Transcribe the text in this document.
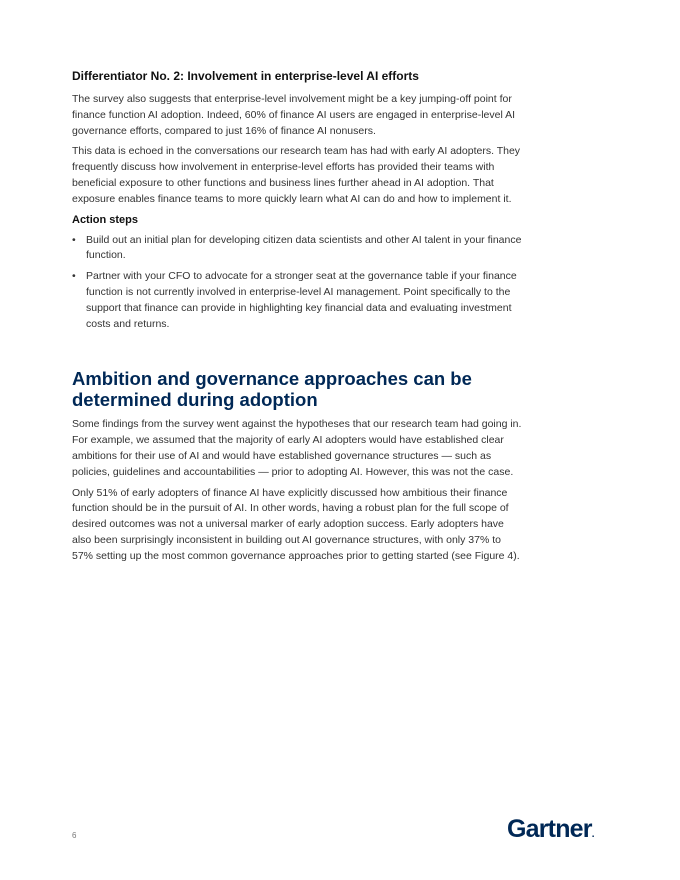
Differentiator No. 2: Involvement in enterprise-level AI efforts

The survey also suggests that enterprise-level involvement might be a key jumping-off point for finance function AI adoption. Indeed, 60% of finance AI users are engaged in enterprise-level AI governance efforts, compared to just 16% of finance AI nonusers.

This data is echoed in the conversations our research team has had with early AI adopters. They frequently discuss how involvement in enterprise-level efforts has provided their teams with beneficial exposure to other functions and business lines further ahead in AI adoption. That exposure enables finance teams to more quickly learn what AI can do and how to implement it.

Action steps
• Build out an initial plan for developing citizen data scientists and other AI talent in your finance function.
• Partner with your CFO to advocate for a stronger seat at the governance table if your finance function is not currently involved in enterprise-level AI management. Point specifically to the support that finance can provide in highlighting key financial data and evaluating investment costs and returns.
Ambition and governance approaches can be determined during adoption

Some findings from the survey went against the hypotheses that our research team had going in. For example, we assumed that the majority of early AI adopters would have established clear ambitions for their use of AI and would have established governance structures — such as policies, guidelines and accountabilities — prior to adopting AI. However, this was not the case.

Only 51% of early adopters of finance AI have explicitly discussed how ambitious their finance function should be in the pursuit of AI. In other words, having a robust plan for the full scope of desired outcomes was not a universal marker of early adoption success. Early adopters have also been surprisingly inconsistent in building out AI governance structures, with only 37% to 57% setting up the most common governance approaches prior to getting started (see Figure 4).

6	Gartner.
